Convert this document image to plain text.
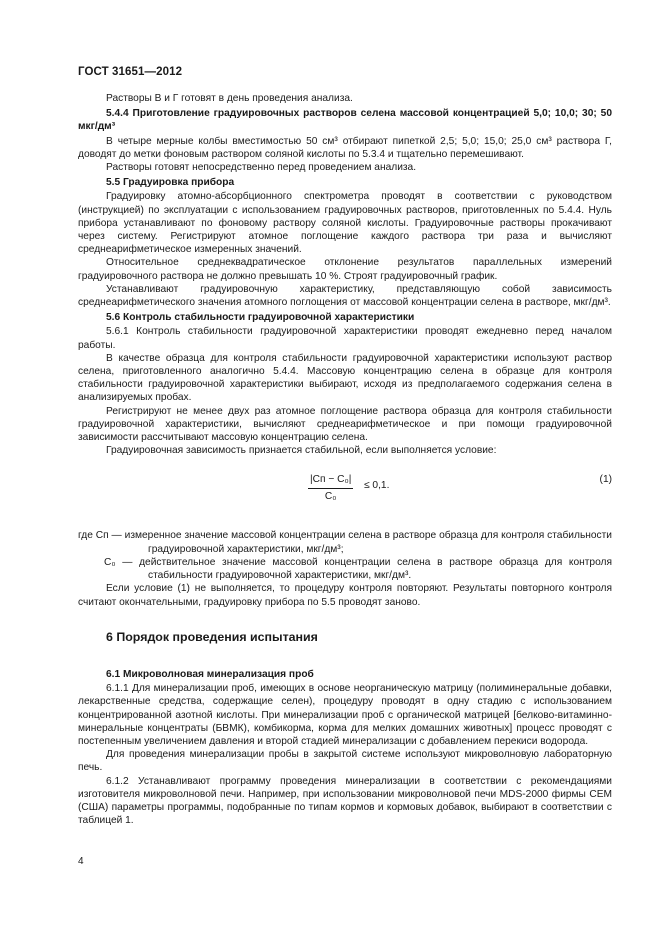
ГОСТ 31651—2012

Растворы В и Г готовят в день проведения анализа.

5.4.4 Приготовление градуировочных растворов селена массовой концентрацией 5,0; 10,0; 30; 50 мкг/дм³

В четыре мерные колбы вместимостью 50 см³ отбирают пипеткой 2,5; 5,0; 15,0; 25,0 см³ раствора Г, доводят до метки фоновым раствором соляной кислоты по 5.3.4 и тщательно перемешивают.

Растворы готовят непосредственно перед проведением анализа.

5.5 Градуировка прибора

Градуировку атомно-абсорбционного спектрометра проводят в соответствии с руководством (инструкцией) по эксплуатации с использованием градуировочных растворов, приготовленных по 5.4.4. Нуль прибора устанавливают по фоновому раствору соляной кислоты. Градуировочные растворы прокачивают через систему. Регистрируют атомное поглощение каждого раствора три раза и вычисляют среднеарифметическое измеренных значений.

Относительное среднеквадратическое отклонение результатов параллельных измерений градуировочного раствора не должно превышать 10 %. Строят градуировочный график.

Устанавливают градуировочную характеристику, представляющую собой зависимость среднеарифметического значения атомного поглощения от массовой концентрации селена в растворе, мкг/дм³.

5.6 Контроль стабильности градуировочной характеристики

5.6.1 Контроль стабильности градуировочной характеристики проводят ежедневно перед началом работы.

В качестве образца для контроля стабильности градуировочной характеристики используют раствор селена, приготовленного аналогично 5.4.4. Массовую концентрацию селена в образце для контроля стабильности градуировочной характеристики выбирают, исходя из предполагаемого содержания селена в анализируемых пробах.

Регистрируют не менее двух раз атомное поглощение раствора образца для контроля стабильности градуировочной характеристики, вычисляют среднеарифметическое и при помощи градуировочной зависимости рассчитывают массовую концентрацию селена.

Градуировочная зависимость признается стабильной, если выполняется условие:

|Cп − C₀|
C₀
≤ 0,1.
(1)

где Cп — измеренное значение массовой концентрации селена в растворе образца для контроля стабильности градуировочной характеристики, мкг/дм³;

C₀ — действительное значение массовой концентрации селена в растворе образца для контроля стабильности градуировочной характеристики, мкг/дм³.

Если условие (1) не выполняется, то процедуру контроля повторяют. Результаты повторного контроля считают окончательными, градуировку прибора по 5.5 проводят заново.

6 Порядок проведения испытания

6.1 Микроволновая минерализация проб

6.1.1 Для минерализации проб, имеющих в основе неорганическую матрицу (полиминеральные добавки, лекарственные средства, содержащие селен), процедуру проводят в одну стадию с использованием концентрированной азотной кислоты. При минерализации проб с органической матрицей [белково-витаминно-минеральные концентраты (БВМК), комбикорма, корма для мелких домашних животных] процесс проводят с постепенным увеличением давления и второй стадией минерализации с добавлением перекиси водорода.

Для проведения минерализации пробы в закрытой системе используют микроволновую лабораторную печь.

6.1.2 Устанавливают программу проведения минерализации в соответствии с рекомендациями изготовителя микроволновой печи. Например, при использовании микроволновой печи MDS-2000 фирмы СЕМ (США) параметры программы, подобранные по типам кормов и кормовых добавок, выбирают в соответствии с таблицей 1.

4
